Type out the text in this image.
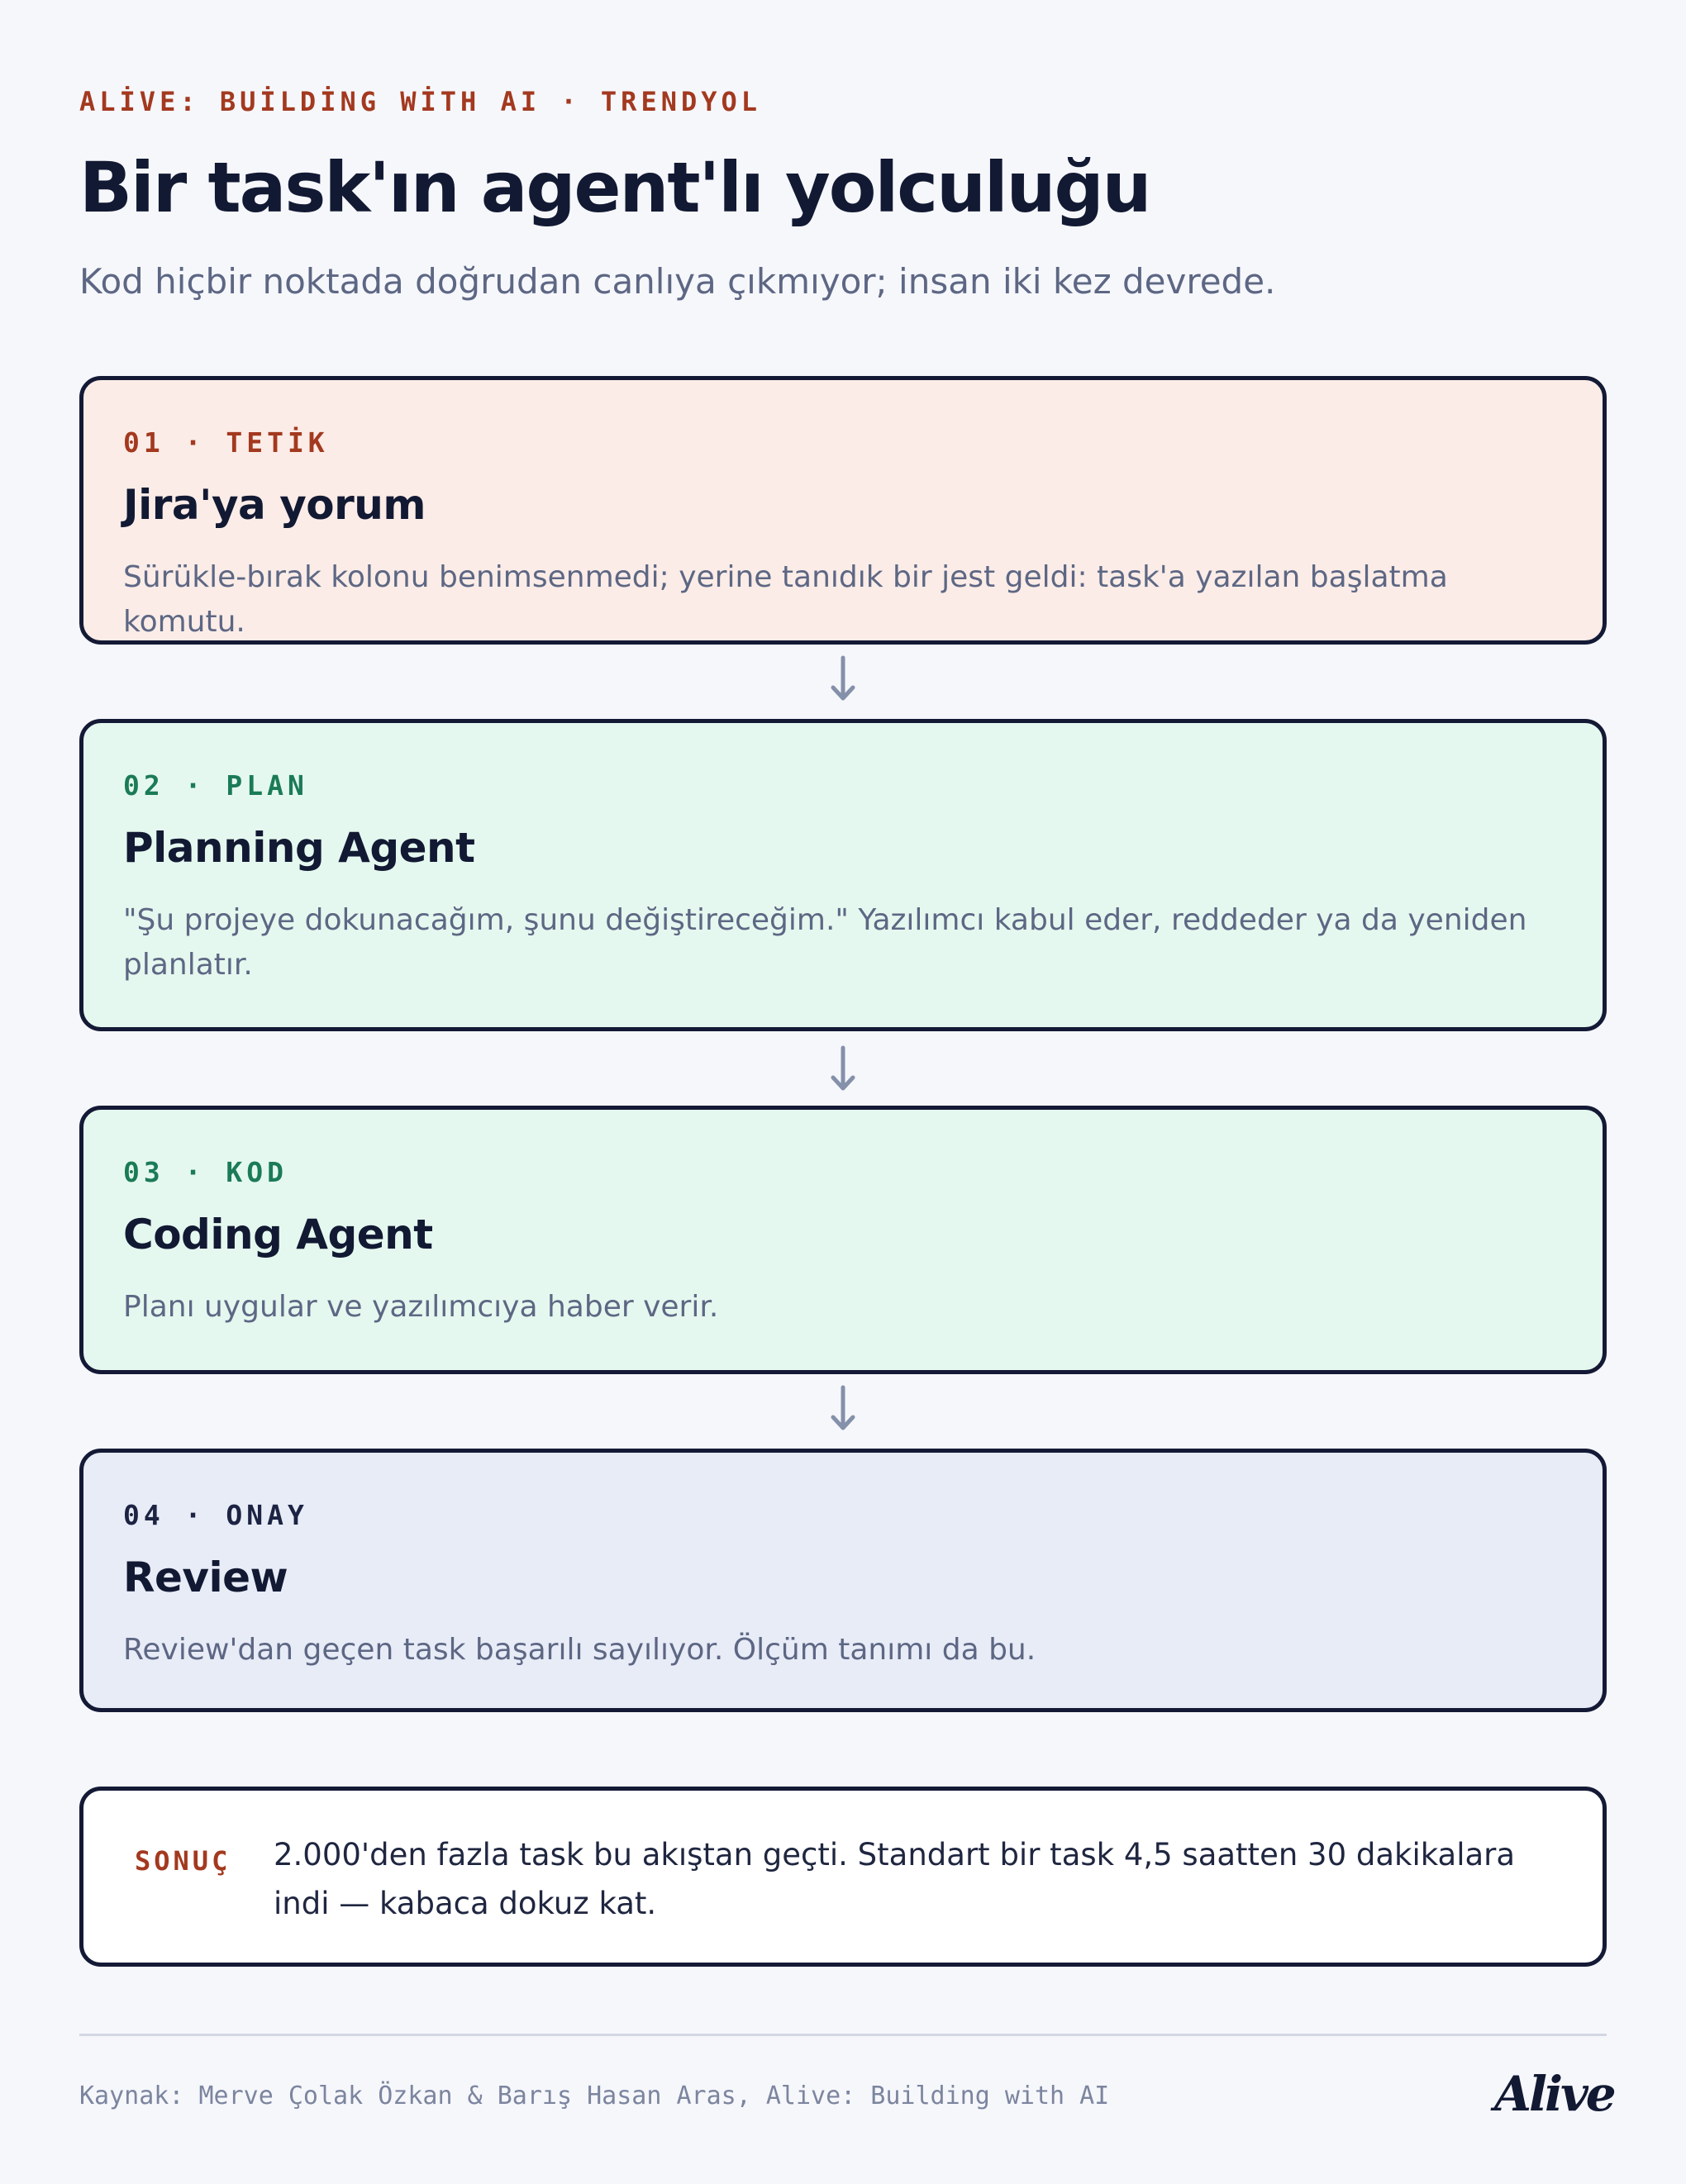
ALİVE: BUİLDİNG WİTH AI · TRENDYOL
Bir task'ın agent'lı yolculuğu

Kod hiçbir noktada doğrudan canlıya çıkmıyor; insan iki kez devrede.

01 · TETİK
Jira'ya yorum

Sürükle-bırak kolonu benimsenmedi; yerine tanıdık bir jest geldi: task'a yazılan başlatma komutu.

02 · PLAN
Planning Agent

"Şu projeye dokunacağım, şunu değiştireceğim." Yazılımcı kabul eder, reddeder ya da yeniden planlatır.

03 · KOD
Coding Agent

Planı uygular ve yazılımcıya haber verir.

04 · ONAY
Review

Review'dan geçen task başarılı sayılıyor. Ölçüm tanımı da bu.

SONUÇ 2.000'den fazla task bu akıştan geçti. Standart bir task 4,5 saatten 30 dakikalara indi — kabaca dokuz kat.

Kaynak: Merve Çolak Özkan & Barış Hasan Aras, Alive: Building with AI	Alive
